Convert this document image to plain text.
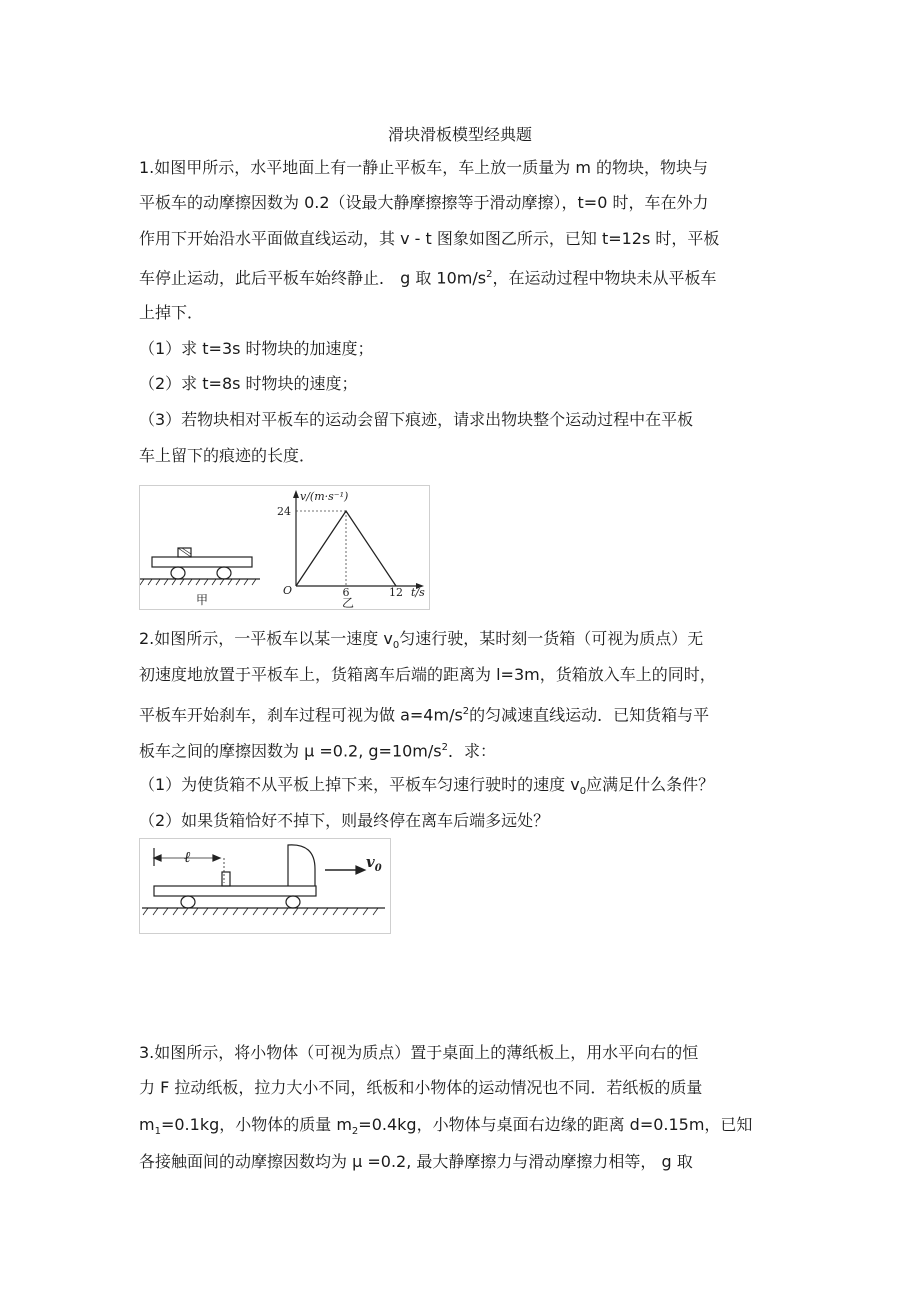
滑块滑板模型经典题
1.如图甲所示，水平地面上有一静止平板车，车上放一质量为 m 的物块，物块与
平板车的动摩擦因数为 0.2（设最大静摩擦擦等于滑动摩擦），t=0 时，车在外力
作用下开始沿水平面做直线运动，其 v - t 图象如图乙所示，已知 t=12s 时，平板
车停止运动，此后平板车始终静止． g 取 $10m/s^2$，在运动过程中物块未从平板车
上掉下．
（1）求 t=3s 时物块的加速度；
（2）求 t=8s 时物块的速度；
（3）若物块相对平板车的运动会留下痕迹，请求出物块整个运动过程中在平板
车上留下的痕迹的长度．
甲
v/(m·s⁻¹)
t/s
O
24
6	12
乙
2.如图所示，一平板车以某一速度 $v_0$匀速行驶，某时刻一货箱（可视为质点）无
初速度地放置于平板车上，货箱离车后端的距离为 l=3m，货箱放入车上的同时，
平板车开始刹车，刹车过程可视为做 $a=4m/s^2$的匀减速直线运动．已知货箱与平
板车之间的摩擦因数为 μ =0.2, $g=10m/s^2$．求：
（1）为使货箱不从平板上掉下来，平板车匀速行驶时的速度 $v_0$应满足什么条件？
（2）如果货箱恰好不掉下，则最终停在离车后端多远处？
ℓ	$v_0$
3.如图所示，将小物体（可视为质点）置于桌面上的薄纸板上，用水平向右的恒
力 F 拉动纸板，拉力大小不同，纸板和小物体的运动情况也不同．若纸板的质量
$m_1=0.1kg$，小物体的质量 $m_2=0.4kg$，小物体与桌面右边缘的距离 d=0.15m，已知
各接触面间的动摩擦因数均为 μ =0.2, 最大静摩擦力与滑动摩擦力相等， g 取
